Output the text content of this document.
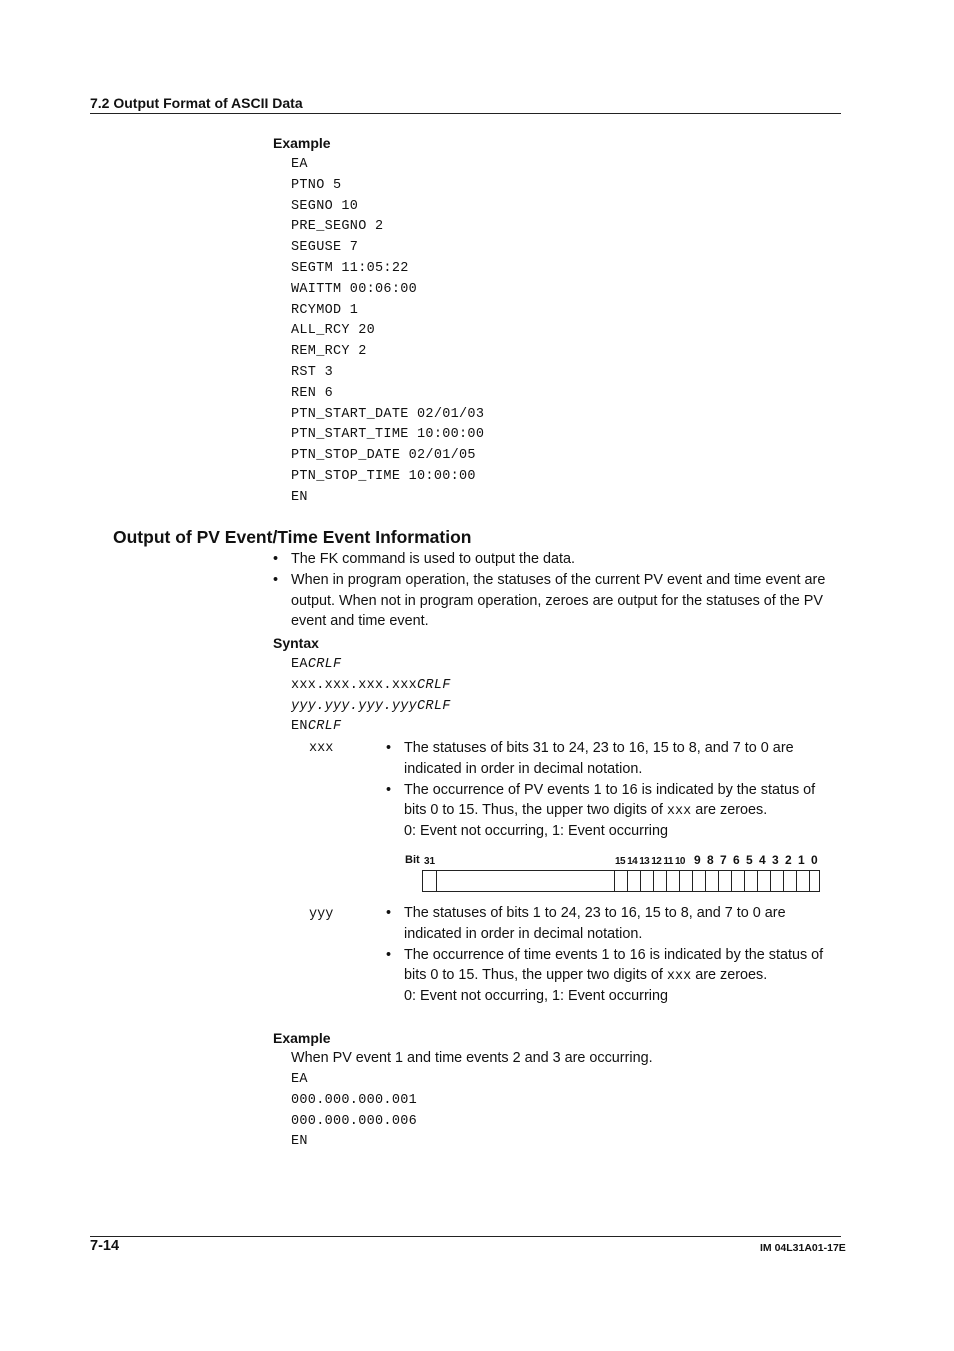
7.2 Output Format of ASCII Data
Example
EA
PTNO 5
SEGNO 10
PRE_SEGNO 2
SEGUSE 7
SEGTM 11:05:22
WAITTM 00:06:00
RCYMOD 1
ALL_RCY 20
REM_RCY 2
RST 3
REN 6
PTN_START_DATE 02/01/03
PTN_START_TIME 10:00:00
PTN_STOP_DATE 02/01/05
PTN_STOP_TIME 10:00:00
EN
Output of PV Event/Time Event Information
• The FK command is used to output the data.
• When in program operation, the statuses of the current PV event and time event are
output. When not in program operation, zeroes are output for the statuses of the PV
event and time event.
Syntax
EACRLF
xxx.xxx.xxx.xxxCRLF
yyy.yyy.yyy.yyyCRLF
ENCRLF
xxx	• The statuses of bits 31 to 24, 23 to 16, 15 to 8, and 7 to 0 are
indicated in order in decimal notation.
• The occurrence of PV events 1 to 16 is indicated by the status of
bits 0 to 15. Thus, the upper two digits of xxx are zeroes.
0: Event not occurring, 1: Event occurring
Bit 31	15 14 13 12 11 10 9 8 7 6 5 4 3 2 1 0
yyy	• The statuses of bits 1 to 24, 23 to 16, 15 to 8, and 7 to 0 are
indicated in order in decimal notation.
• The occurrence of time events 1 to 16 is indicated by the status of
bits 0 to 15. Thus, the upper two digits of xxx are zeroes.
0: Event not occurring, 1: Event occurring
Example
When PV event 1 and time events 2 and 3 are occurring.
EA
000.000.000.001
000.000.000.006
EN
7-14	IM 04L31A01-17E
